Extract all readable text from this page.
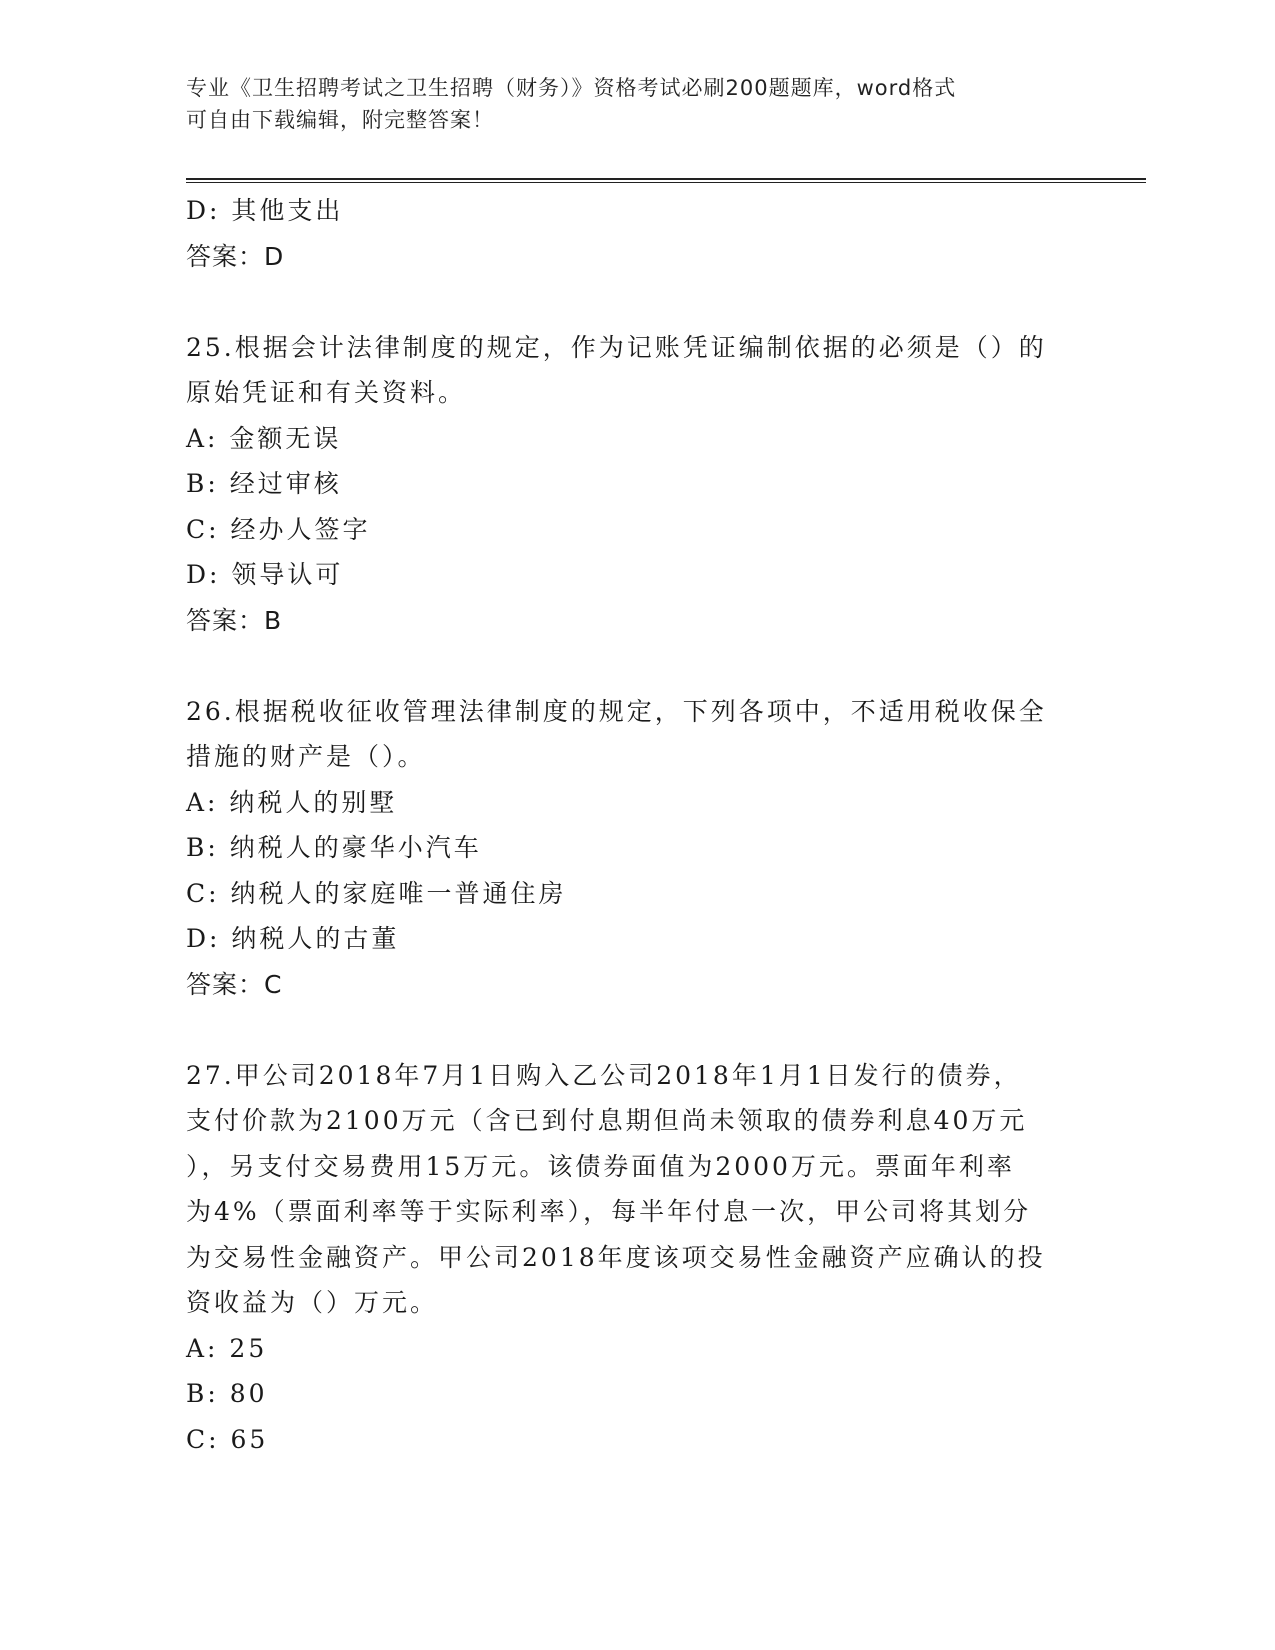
专业《卫生招聘考试之卫生招聘（财务）》资格考试必刷200题题库，word格式
可自由下载编辑，附完整答案！
D: 其他支出
答案：D
25.根据会计法律制度的规定，作为记账凭证编制依据的必须是（）的
原始凭证和有关资料。
A: 金额无误
B: 经过审核
C: 经办人签字
D: 领导认可
答案：B
26.根据税收征收管理法律制度的规定，下列各项中，不适用税收保全
措施的财产是（）。
A: 纳税人的别墅
B: 纳税人的豪华小汽车
C: 纳税人的家庭唯一普通住房
D: 纳税人的古董
答案：C
27.甲公司2018年7月1日购入乙公司2018年1月1日发行的债券，
支付价款为2100万元（含已到付息期但尚未领取的债券利息40万元
），另支付交易费用15万元。该债券面值为2000万元。票面年利率
为4%（票面利率等于实际利率），每半年付息一次，甲公司将其划分
为交易性金融资产。甲公司2018年度该项交易性金融资产应确认的投
资收益为（）万元。
A: 25
B: 80
C: 65
